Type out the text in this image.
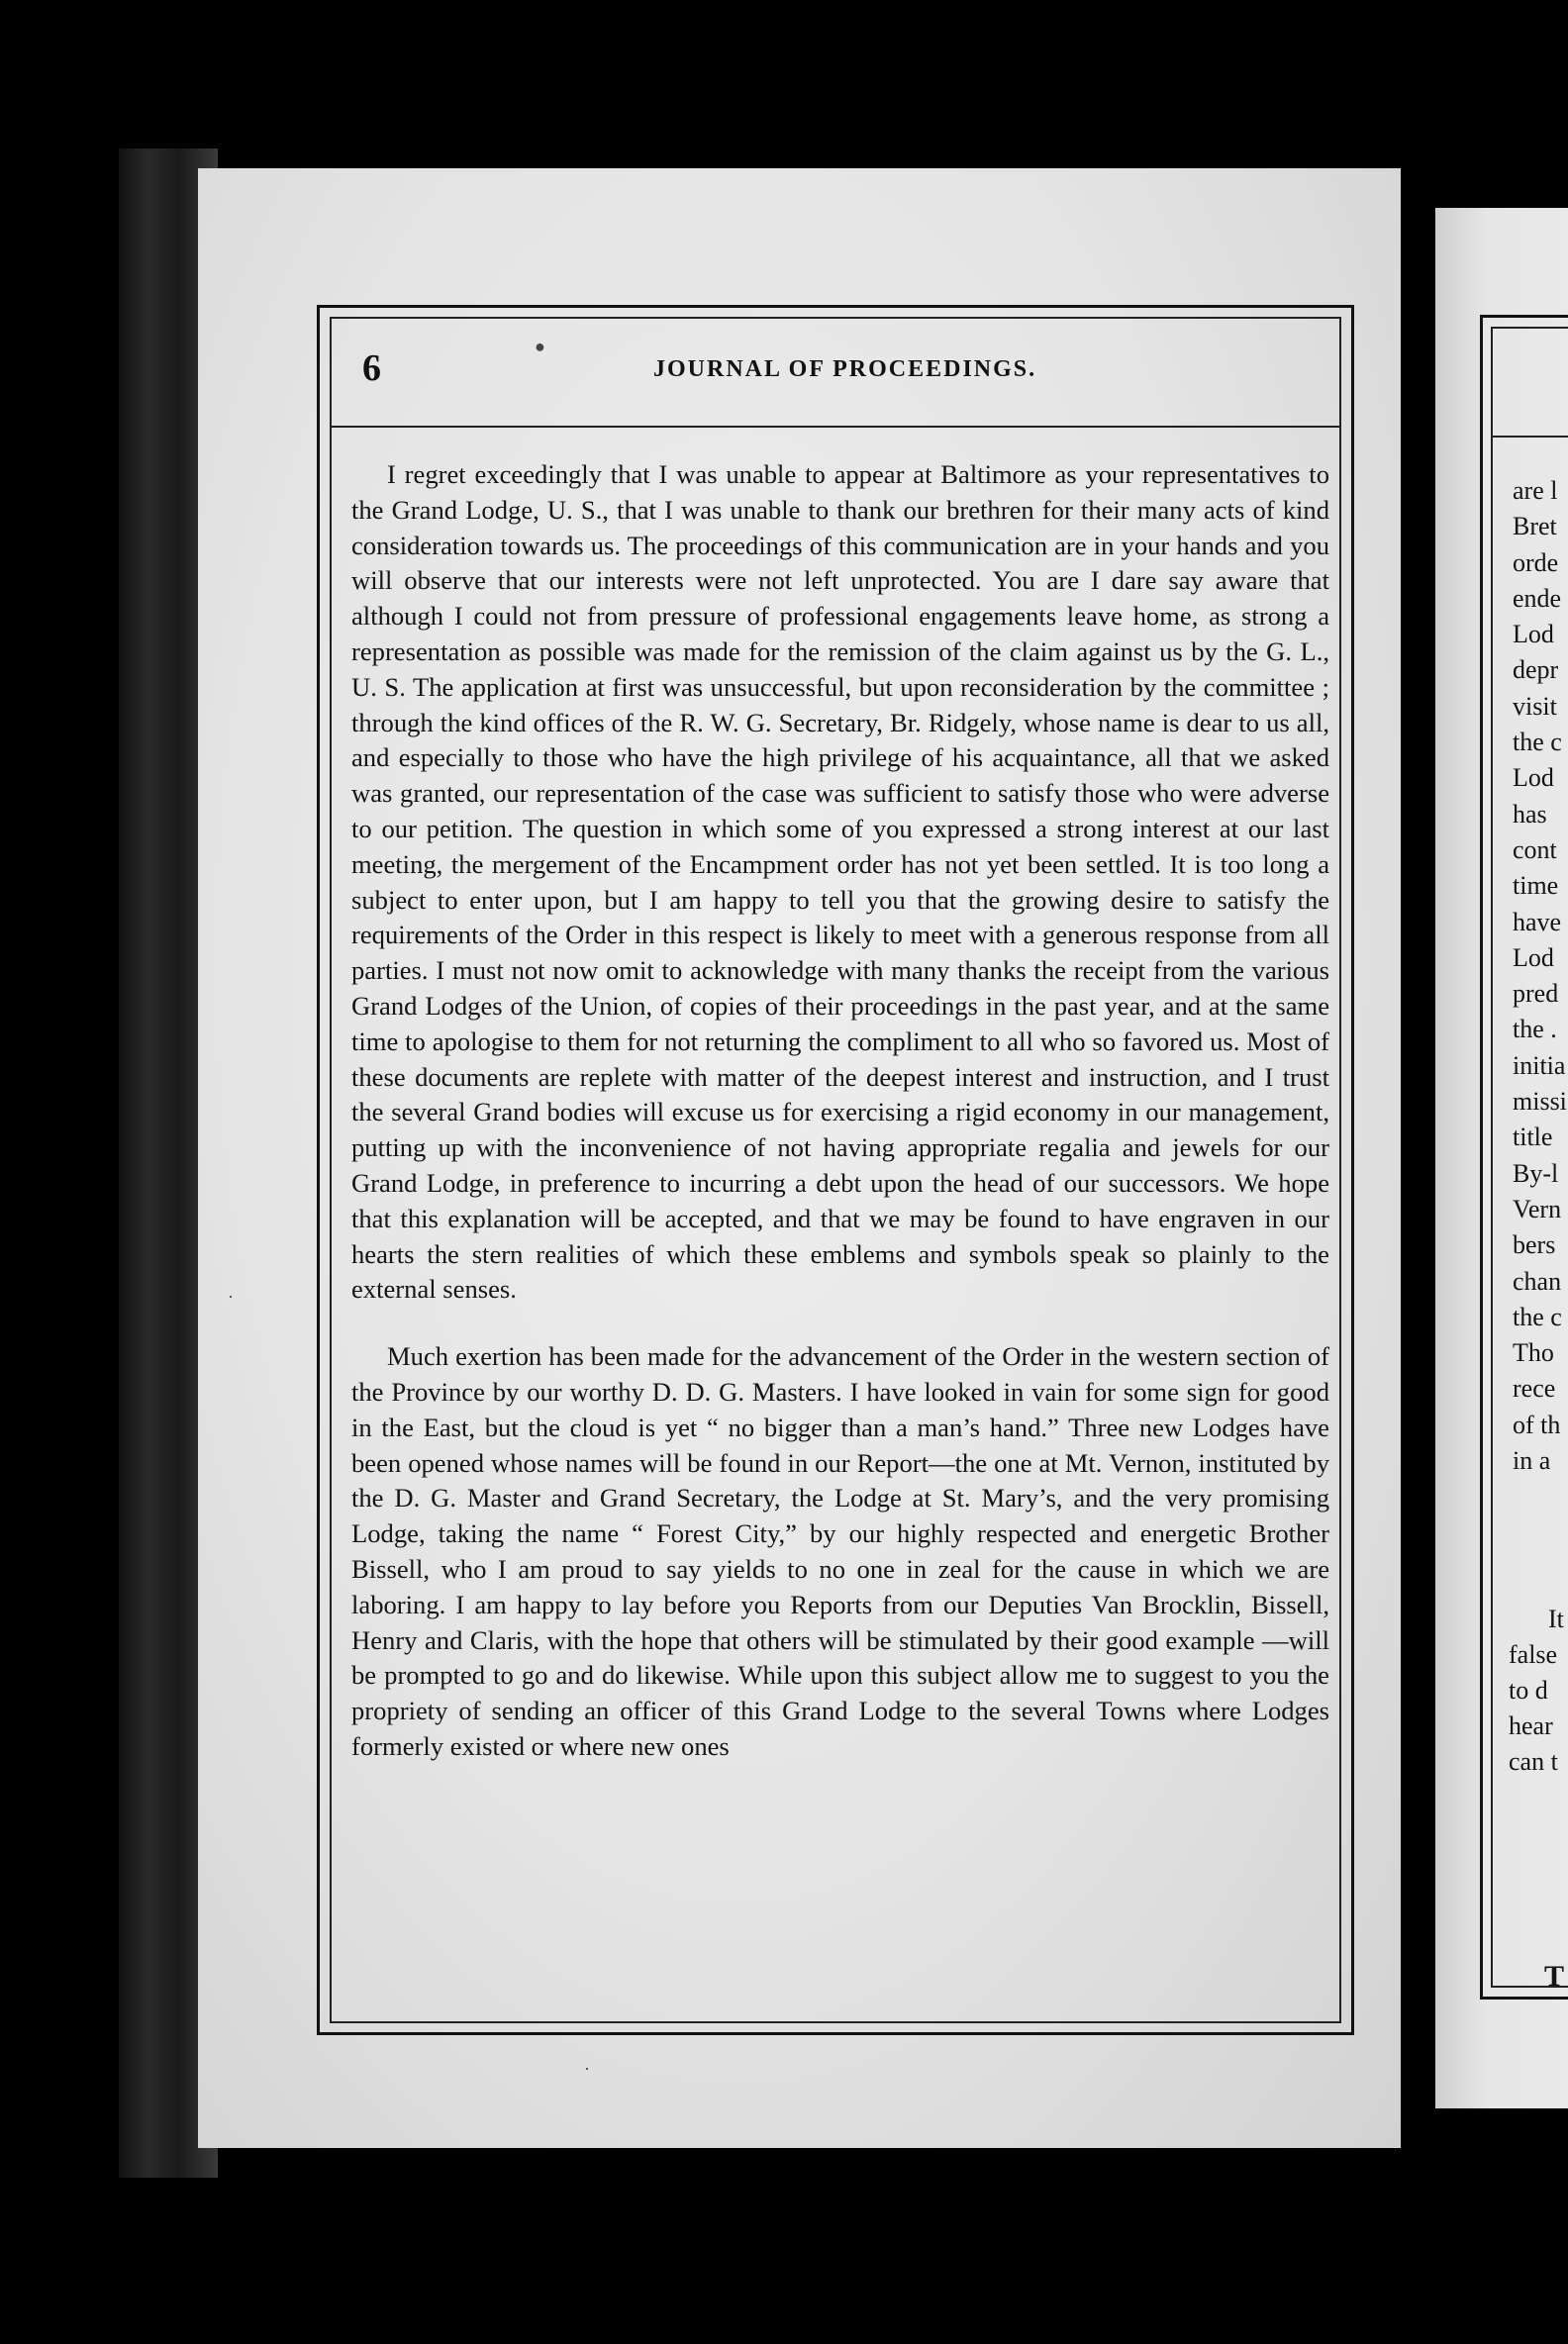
6	JOURNAL OF PROCEEDINGS.

I regret exceedingly that I was unable to appear at Baltimore as your representatives to the Grand Lodge, U. S., that I was unable to thank our brethren for their many acts of kind consideration towards us. The proceedings of this communication are in your hands and you will observe that our interests were not left unprotected. You are I dare say aware that although I could not from pressure of professional engagements leave home, as strong a representation as possible was made for the remission of the claim against us by the G. L., U. S. The application at first was unsuccessful, but upon reconsideration by the committee ; through the kind offices of the R. W. G. Secretary, Br. Ridgely, whose name is dear to us all, and especially to those who have the high privilege of his acquaintance, all that we asked was granted, our representation of the case was sufficient to satisfy those who were adverse to our petition. The question in which some of you expressed a strong interest at our last meeting, the mergement of the Encampment order has not yet been settled. It is too long a subject to enter upon, but I am happy to tell you that the growing desire to satisfy the requirements of the Order in this respect is likely to meet with a generous response from all parties. I must not now omit to acknowledge with many thanks the receipt from the various Grand Lodges of the Union, of copies of their proceedings in the past year, and at the same time to apologise to them for not returning the compliment to all who so favored us. Most of these documents are replete with matter of the deepest interest and instruction, and I trust the several Grand bodies will excuse us for exercising a rigid economy in our management, putting up with the inconvenience of not having appropriate regalia and jewels for our Grand Lodge, in preference to incurring a debt upon the head of our successors. We hope that this explanation will be accepted, and that we may be found to have engraven in our hearts the stern realities of which these emblems and symbols speak so plainly to the external senses.

Much exertion has been made for the advancement of the Order in the western section of the Province by our worthy D. D. G. Masters. I have looked in vain for some sign for good in the East, but the cloud is yet “ no bigger than a man’s hand.” Three new Lodges have been opened whose names will be found in our Report—the one at Mt. Vernon, instituted by the D. G. Master and Grand Secretary, the Lodge at St. Mary’s, and the very promising Lodge, taking the name “ Forest City,” by our highly respected and energetic Brother Bissell, who I am proud to say yields to no one in zeal for the cause in which we are laboring. I am happy to lay before you Reports from our Deputies Van Brocklin, Bissell, Henry and Claris, with the hope that others will be stimulated by their good example —will be prompted to go and do likewise. While upon this subject allow me to suggest to you the propriety of sending an officer of this Grand Lodge to the several Towns where Lodges formerly existed or where new ones

are l
Bret
orde
ende
Lod
depr
visit
the c
Lod
has
cont
time
have
Lod
pred
the .
initia
missi
title
By-l
Vern
bers
chan
the c
Tho
rece
of th
in a
It
false
to d
hear
can t
T
●
·
·
